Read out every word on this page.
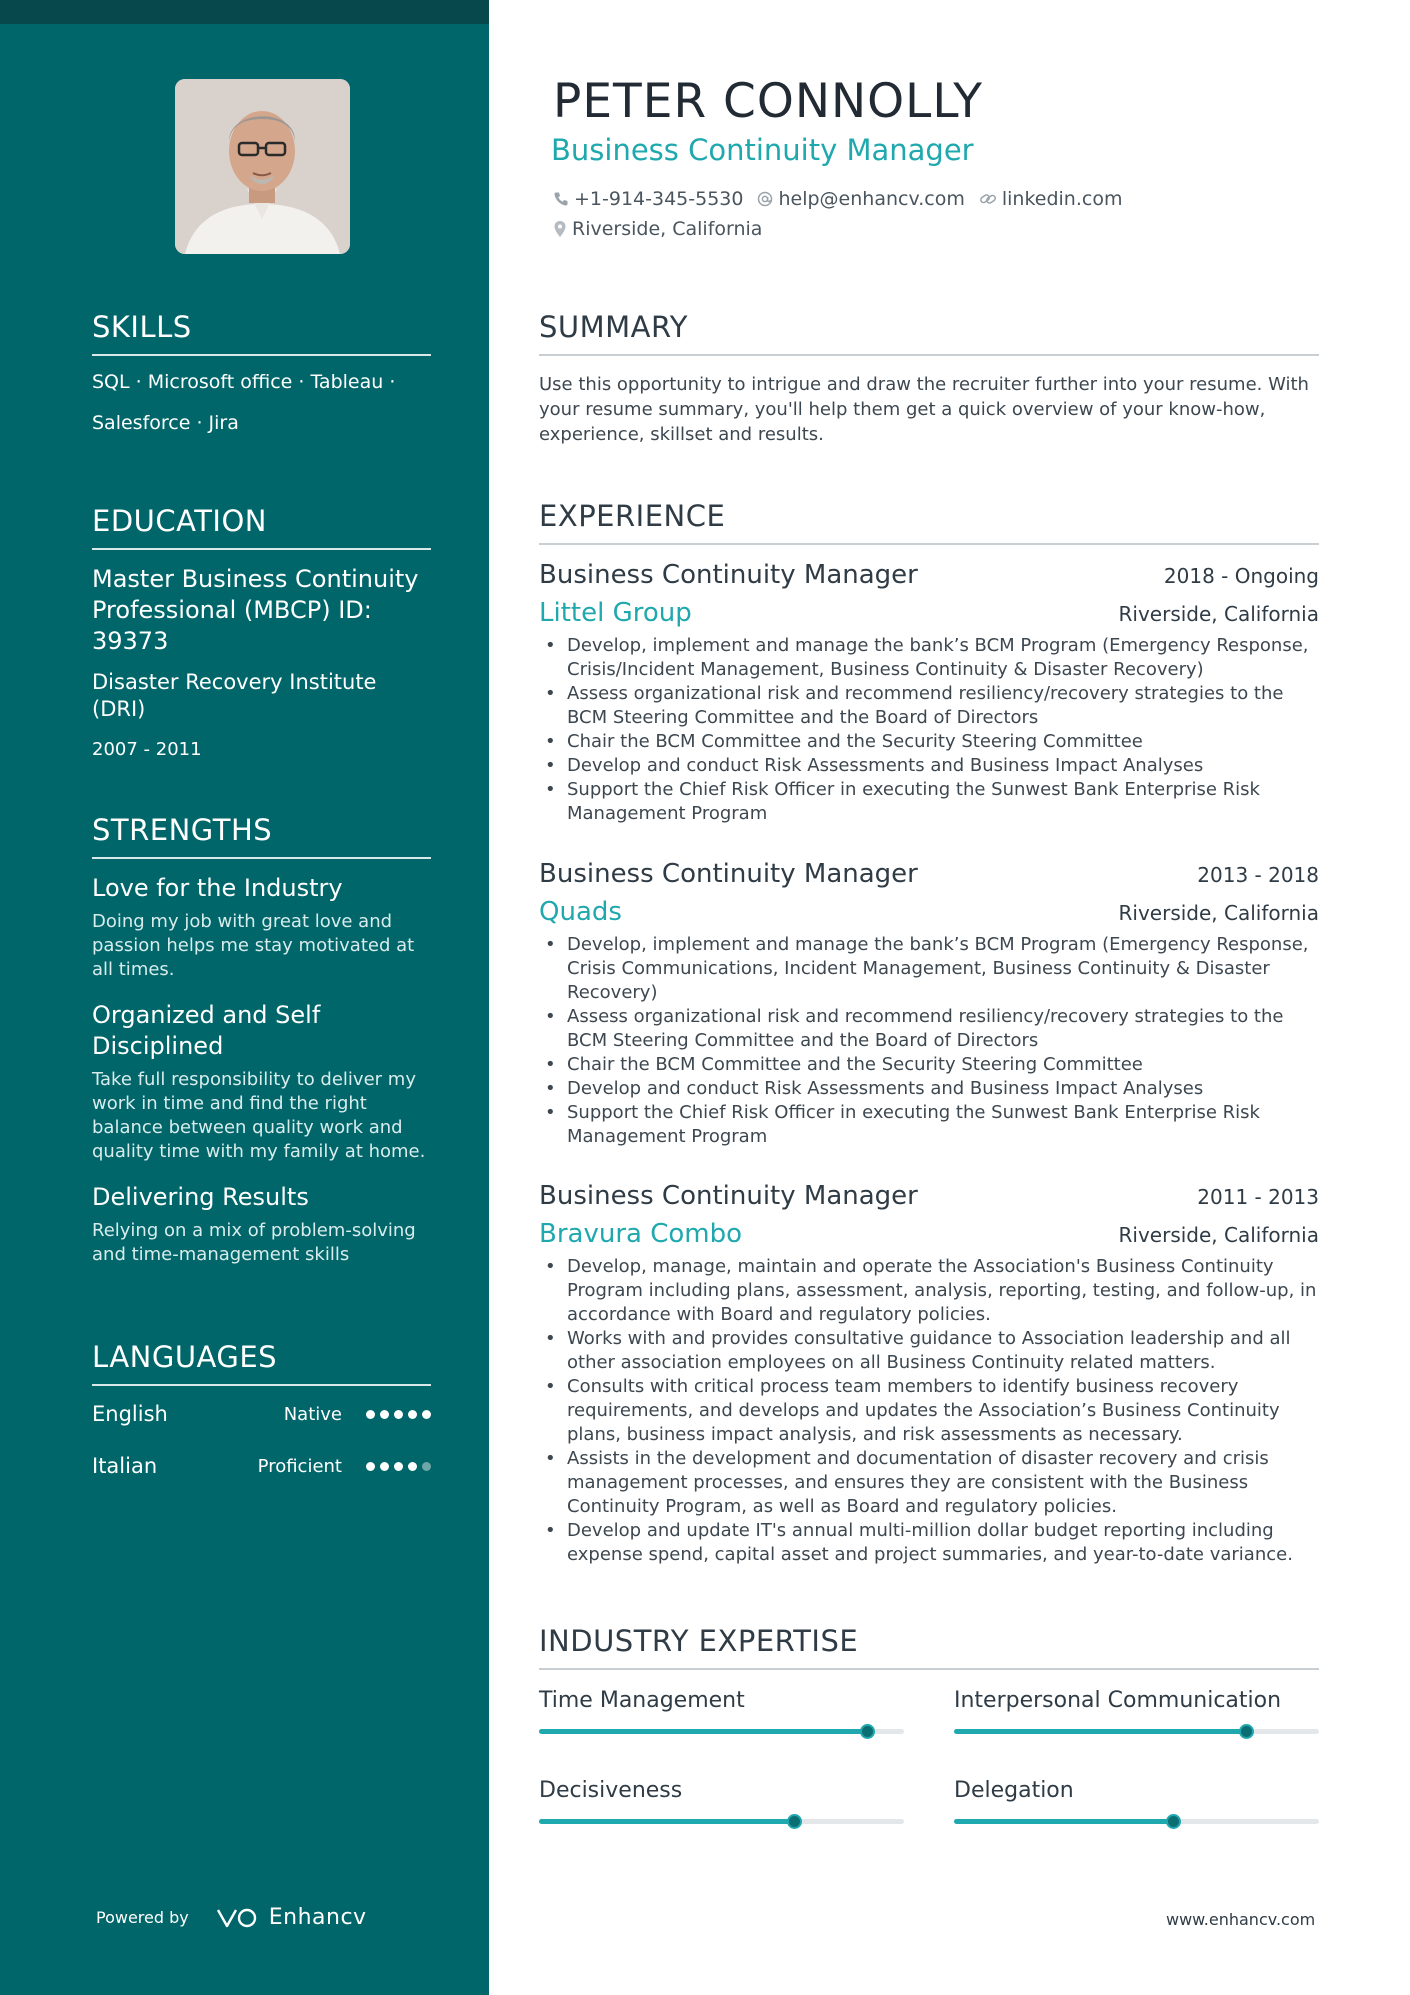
SKILLS
SQL · Microsoft office · Tableau ·
Salesforce · Jira
EDUCATION
Master Business Continuity Professional (MBCP) ID: 39373
Disaster Recovery Institute (DRI)
2007 - 2011
STRENGTHS
Love for the Industry
Doing my job with great love and passion helps me stay motivated at all times.
Organized and Self Disciplined
Take full responsibility to deliver my work in time and find the right balance between quality work and quality time with my family at home.
Delivering Results
Relying on a mix of problem-solving and time-management skills
LANGUAGES
English	Native
Italian	Proficient
Powered by	Enhancv
PETER CONNOLLY
Business Continuity Manager
+1-914-345-5530 help@enhancv.com linkedin.com
Riverside, California
SUMMARY

Use this opportunity to intrigue and draw the recruiter further into your resume. With your resume summary, you'll help them get a quick overview of your know-how, experience, skillset and results.

EXPERIENCE
Business Continuity Manager	2018 - Ongoing
Littel Group	Riverside, California
• Develop, implement and manage the bank’s BCM Program (Emergency Response, Crisis/Incident Management, Business Continuity & Disaster Recovery)
• Assess organizational risk and recommend resiliency/recovery strategies to the BCM Steering Committee and the Board of Directors
• Chair the BCM Committee and the Security Steering Committee
• Develop and conduct Risk Assessments and Business Impact Analyses
• Support the Chief Risk Officer in executing the Sunwest Bank Enterprise Risk Management Program
Business Continuity Manager	2013 - 2018
Quads	Riverside, California
• Develop, implement and manage the bank’s BCM Program (Emergency Response, Crisis Communications, Incident Management, Business Continuity & Disaster Recovery)
• Assess organizational risk and recommend resiliency/recovery strategies to the BCM Steering Committee and the Board of Directors
• Chair the BCM Committee and the Security Steering Committee
• Develop and conduct Risk Assessments and Business Impact Analyses
• Support the Chief Risk Officer in executing the Sunwest Bank Enterprise Risk Management Program
Business Continuity Manager	2011 - 2013
Bravura Combo	Riverside, California
• Develop, manage, maintain and operate the Association's Business Continuity Program including plans, assessment, analysis, reporting, testing, and follow-up, in accordance with Board and regulatory policies.
• Works with and provides consultative guidance to Association leadership and all other association employees on all Business Continuity related matters.
• Consults with critical process team members to identify business recovery requirements, and develops and updates the Association’s Business Continuity plans, business impact analysis, and risk assessments as necessary.
• Assists in the development and documentation of disaster recovery and crisis management processes, and ensures they are consistent with the Business Continuity Program, as well as Board and regulatory policies.
• Develop and update IT's annual multi-million dollar budget reporting including expense spend, capital asset and project summaries, and year-to-date variance.
INDUSTRY EXPERTISE
Time Management	Interpersonal Communication
Decisiveness	Delegation
www.enhancv.com
